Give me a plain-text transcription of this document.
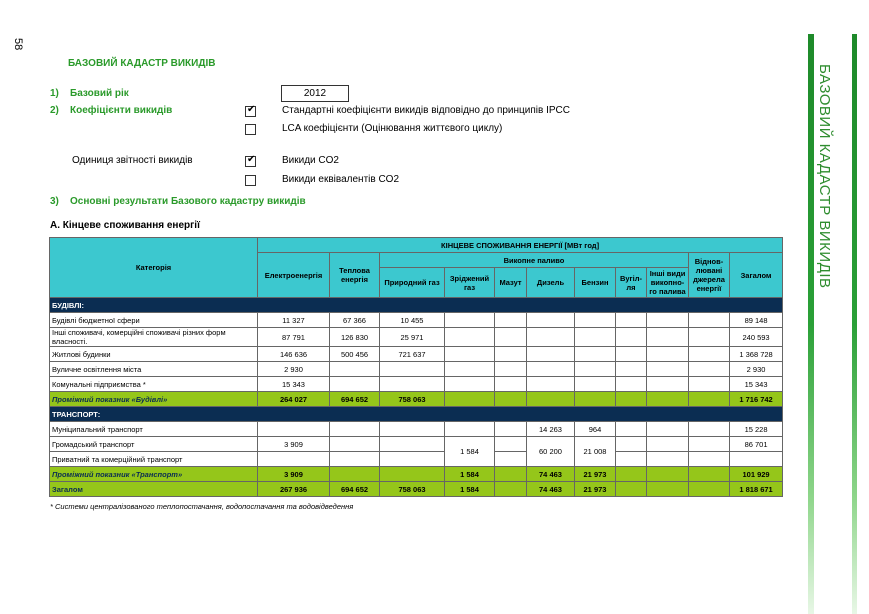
58
БАЗОВИЙ КАДАСТР ВИКИДІВ
БАЗОВИЙ КАДАСТР ВИКИДІВ
1) Базовий рік	2012
2) Коефіцієнти викидів	✔	Стандартні коефіцієнти викидів відповідно до принципів IPCC
LCA коефіцієнти (Оцінювання життєвого циклу)
Одиниця звітності викидів	✔	Викиди CO2
Викиди еквівалентів CO2
3) Основні результати Базового кадастру викидів
А. Кінцеве споживання енергії
Категорія	КІНЦЕВЕ СПОЖИВАННЯ ЕНЕРГІЇ [МВт год]										
	Електроенергія	Теплова енергія	Викопне паливо							Віднов-лювані джерела енергії	Загалом
			Природний газ	Зріджений газ	Мазут	Дизель	Бензин	Вугіл-ля	Інші види викопно-го палива		
БУДІВЛІ:											
Будівлі бюджетної сфери	11 327	67 366	10 455								89 148
Інші споживачі, комерційні споживачі різних форм власності.	87 791	126 830	25 971								240 593
Житлові будинки	146 636	500 456	721 637								1 368 728
Вуличне освітлення міста	2 930										2 930
Комунальні підприємства *	15 343										15 343
Проміжний показник «Будівлі»	264 027	694 652	758 063								1 716 742
ТРАНСПОРТ:											
Муніципальний транспорт						14 263	964				15 228
Громадський транспорт	3 909			1 584		60 200	21 008				86 701
Приватний та комерційний транспорт											
Проміжний показник «Транспорт»	3 909			1 584		74 463	21 973				101 929
Загалом	267 936	694 652	758 063	1 584		74 463	21 973				1 818 671
* Системи централізованого теплопостачання, водопостачання та водовідведення
